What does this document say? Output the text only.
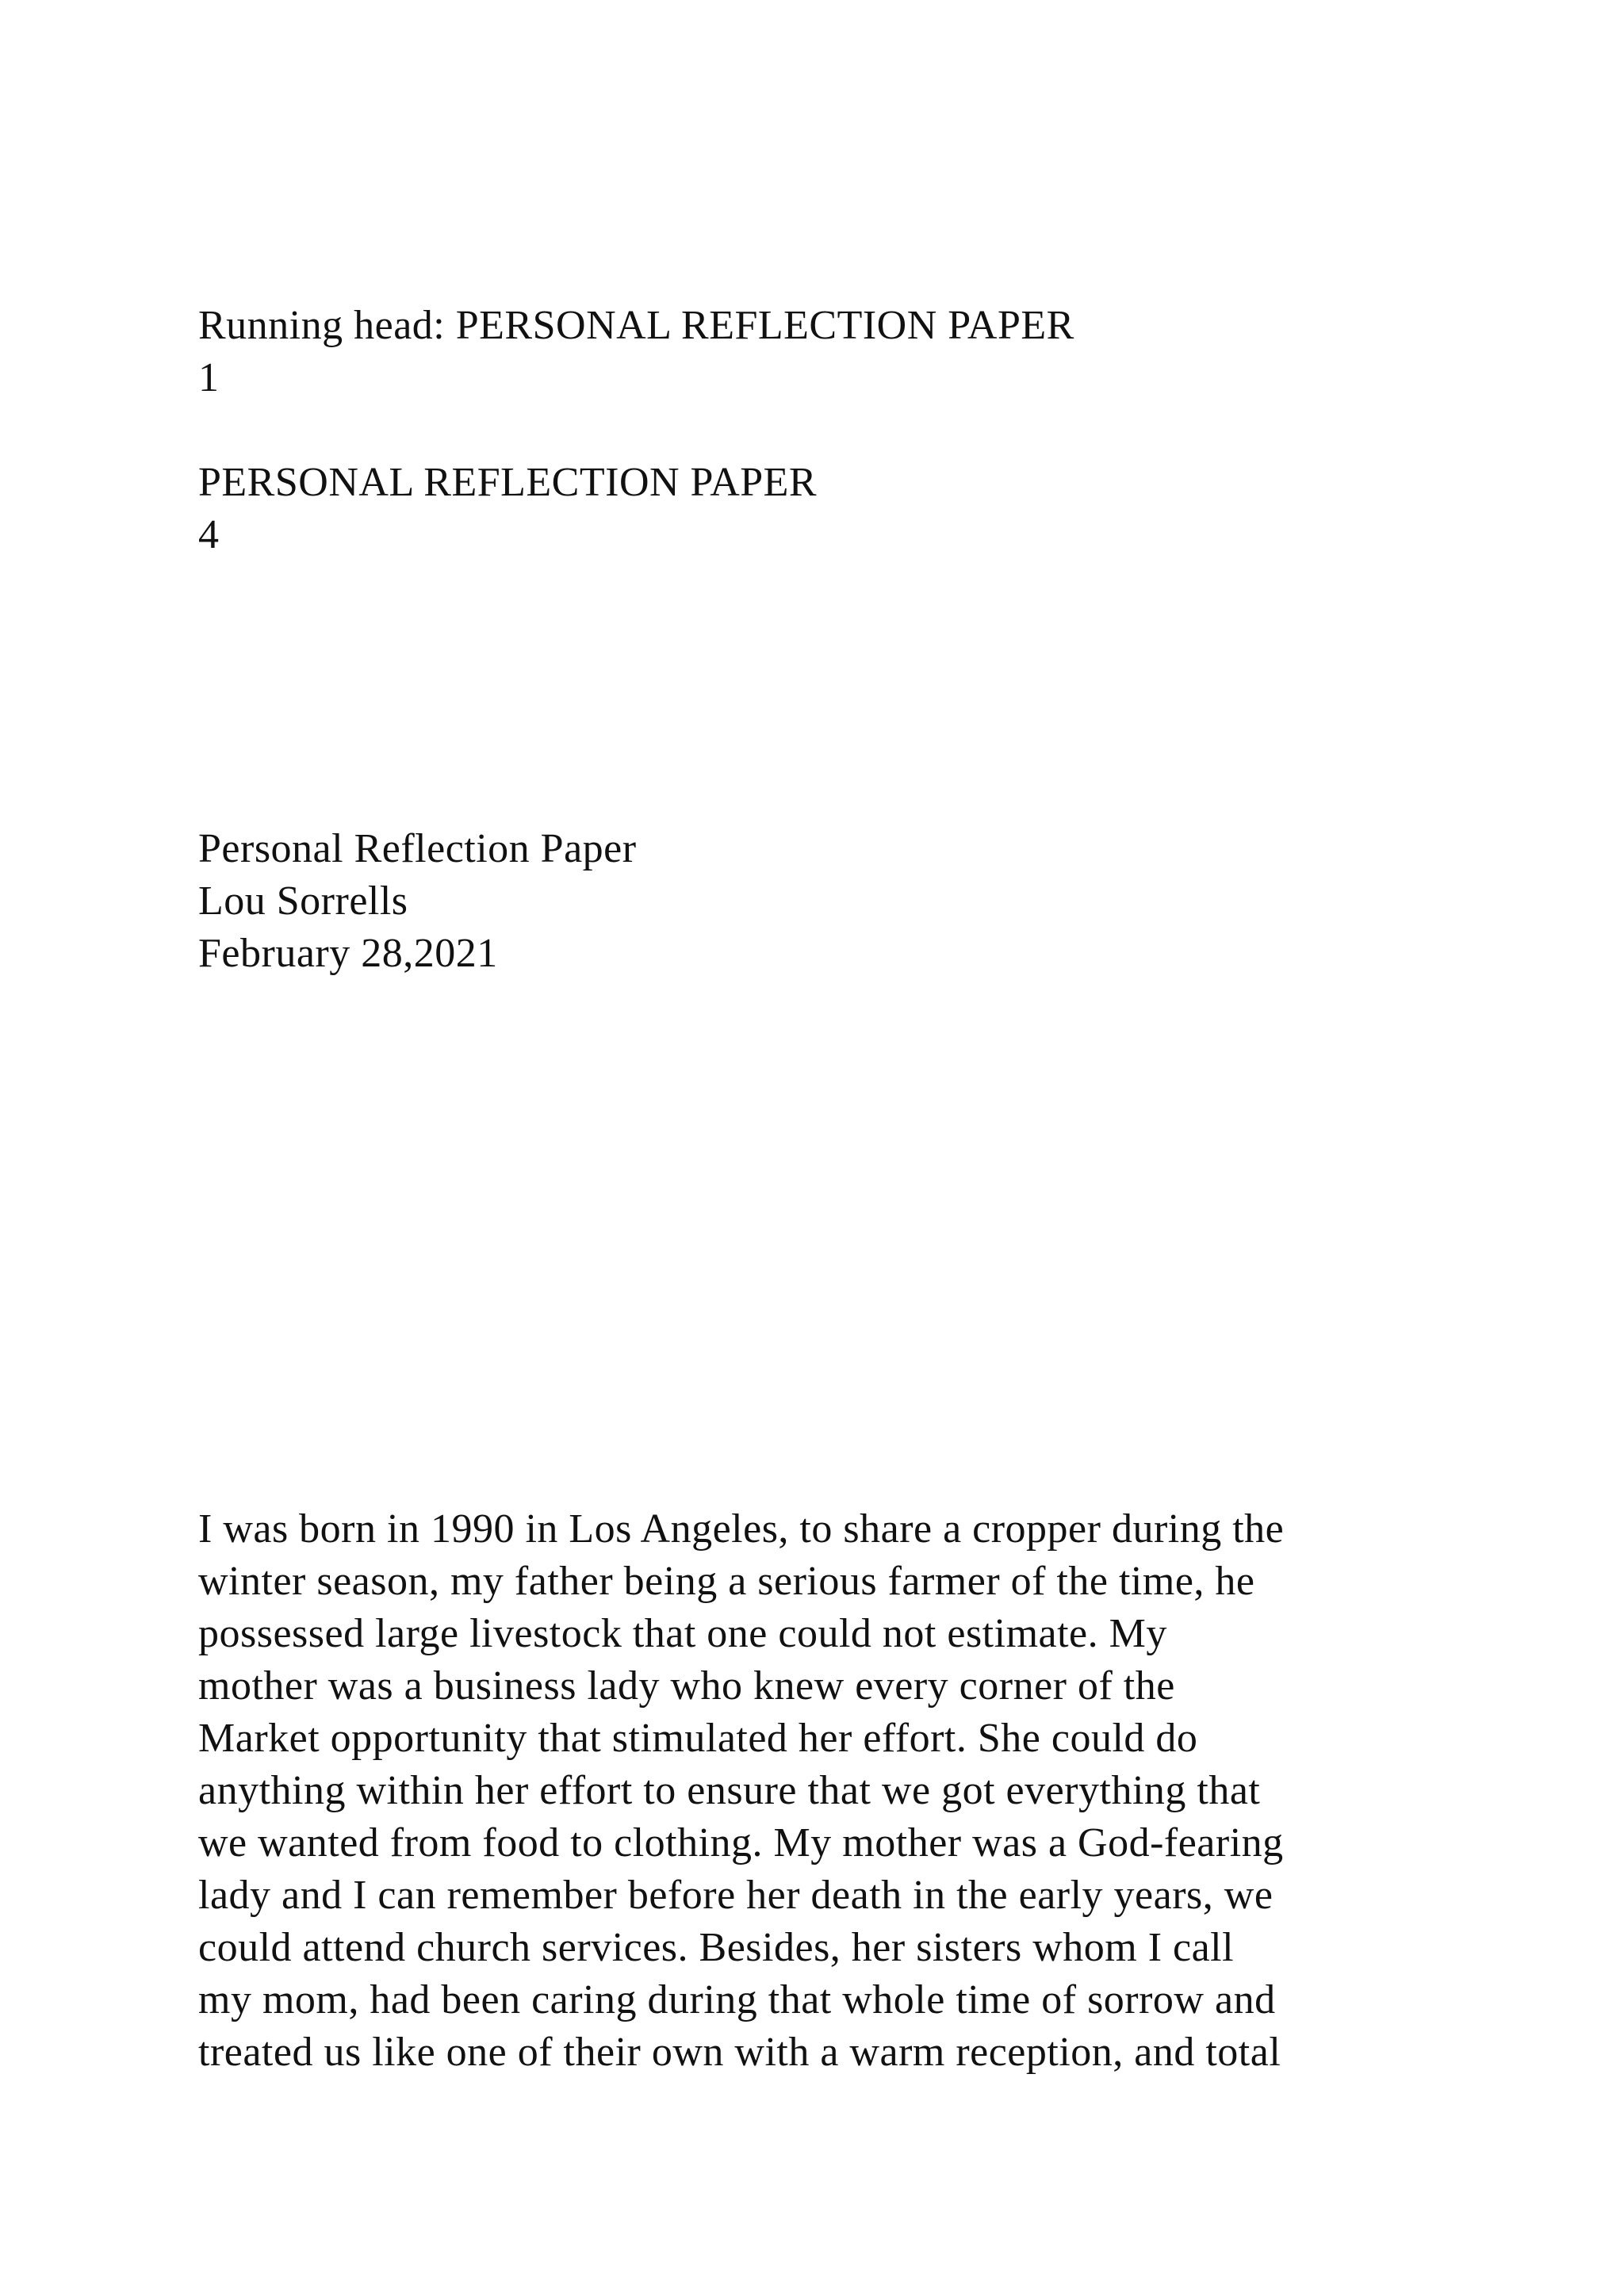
Running head: PERSONAL REFLECTION PAPER

1

PERSONAL REFLECTION PAPER

4

Personal Reflection Paper

Lou Sorrells

February 28,2021

I was born in 1990 in Los Angeles, to share a cropper during the

winter season, my father being a serious farmer of the time, he

possessed large livestock that one could not estimate. My

mother was a business lady who knew every corner of the

Market opportunity that stimulated her effort. She could do

anything within her effort to ensure that we got everything that

we wanted from food to clothing. My mother was a God-fearing

lady and I can remember before her death in the early years, we

could attend church services. Besides, her sisters whom I call

my mom, had been caring during that whole time of sorrow and

treated us like one of their own with a warm reception, and total
